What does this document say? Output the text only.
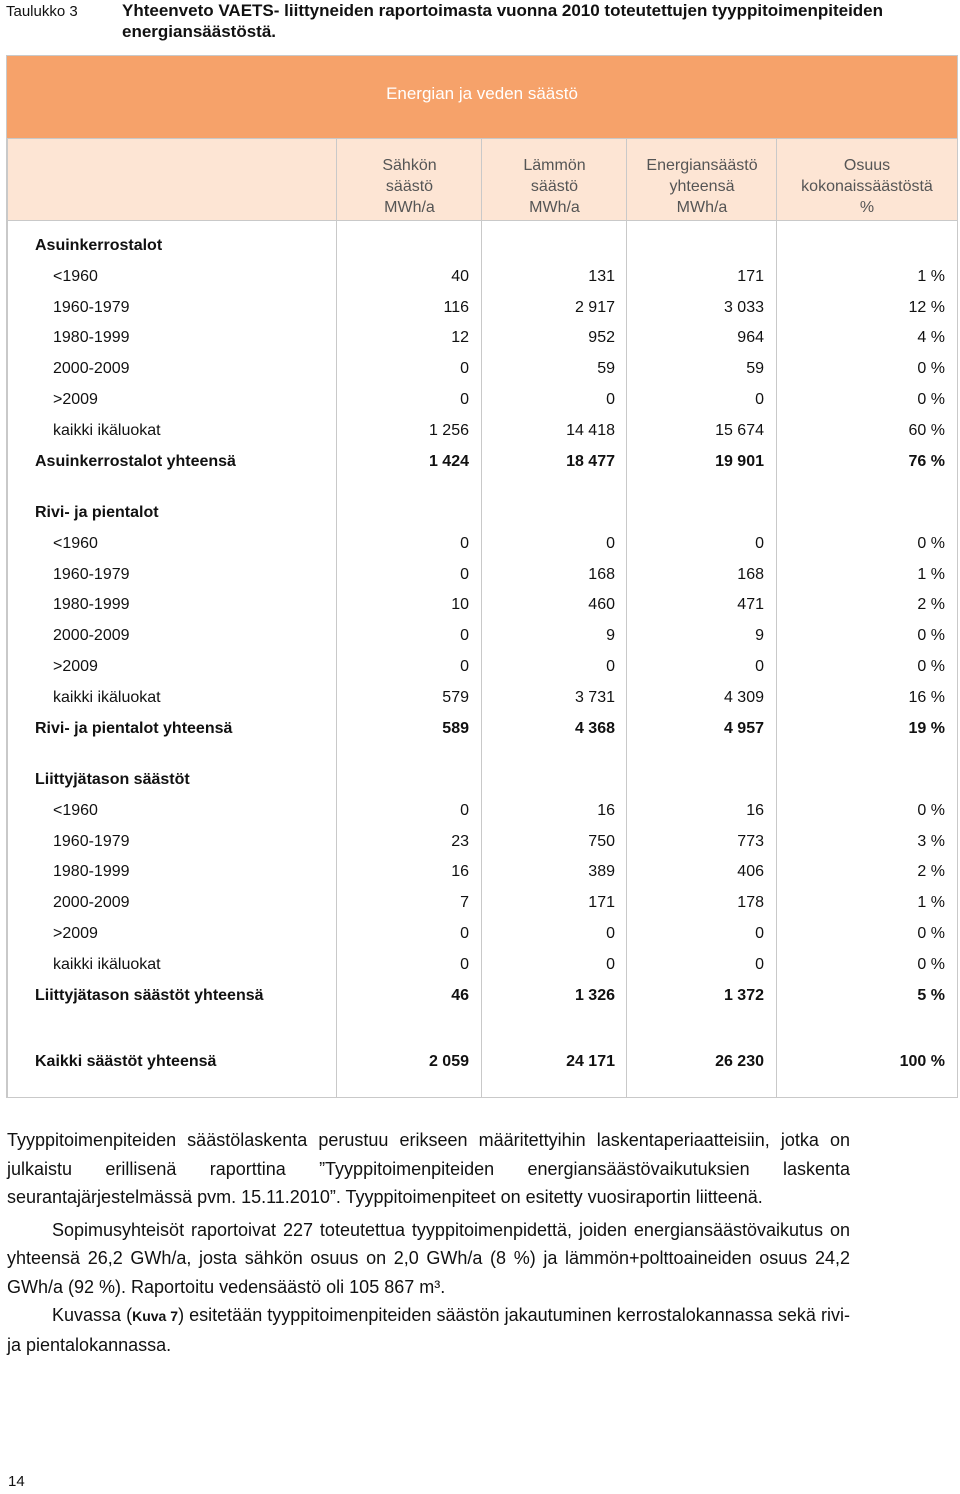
Taulukko 3	Yhteenveto VAETS- liittyneiden raportoimasta vuonna 2010 toteutettujen tyyppitoimenpiteiden energiansäästöstä.
Energian ja veden säästö
Sähkön
säästö
MWh/a
Lämmön
säästö
MWh/a
Energiansäästö
yhteensä
MWh/a
Osuus
kokonaissäästöstä
%
Asuinkerrostalot
<1960	40	131	171	1 %
1960-1979	116	2 917	3 033	12 %
1980-1999	12	952	964	4 %
2000-2009	0	59	59	0 %
>2009	0	0	0	0 %
kaikki ikäluokat	1 256	14 418	15 674	60 %
Asuinkerrostalot yhteensä	1 424	18 477	19 901	76 %
Rivi- ja pientalot
<1960	0	0	0	0 %
1960-1979	0	168	168	1 %
1980-1999	10	460	471	2 %
2000-2009	0	9	9	0 %
>2009	0	0	0	0 %
kaikki ikäluokat	579	3 731	4 309	16 %
Rivi- ja pientalot yhteensä	589	4 368	4 957	19 %
Liittyjätason säästöt
<1960	0	16	16	0 %
1960-1979	23	750	773	3 %
1980-1999	16	389	406	2 %
2000-2009	7	171	178	1 %
>2009	0	0	0	0 %
kaikki ikäluokat	0	0	0	0 %
Liittyjätason säästöt yhteensä	46	1 326	1 372	5 %
Kaikki säästöt yhteensä	2 059	24 171	26 230	100 %

Tyyppitoimenpiteiden säästölaskenta perustuu erikseen määritettyihin laskentaperiaatteisiin, jotka on julkaistu erillisenä raporttina ”Tyyppitoimenpiteiden energiansäästövaikutuksien laskenta seurantajärjestelmässä pvm. 15.11.2010”. Tyyppitoimenpiteet on esitetty vuosiraportin liitteenä.

Sopimusyhteisöt raportoivat 227 toteutettua tyyppitoimenpidettä, joiden energiansäästövaikutus on yhteensä 26,2 GWh/a, josta sähkön osuus on 2,0 GWh/a (8 %) ja lämmön+polttoaineiden osuus 24,2 GWh/a (92 %). Raportoitu vedensäästö oli 105 867 m³.

Kuvassa (Kuva 7) esitetään tyyppitoimenpiteiden säästön jakautuminen kerrostalokannassa sekä rivi- ja pientalokannassa.

14
